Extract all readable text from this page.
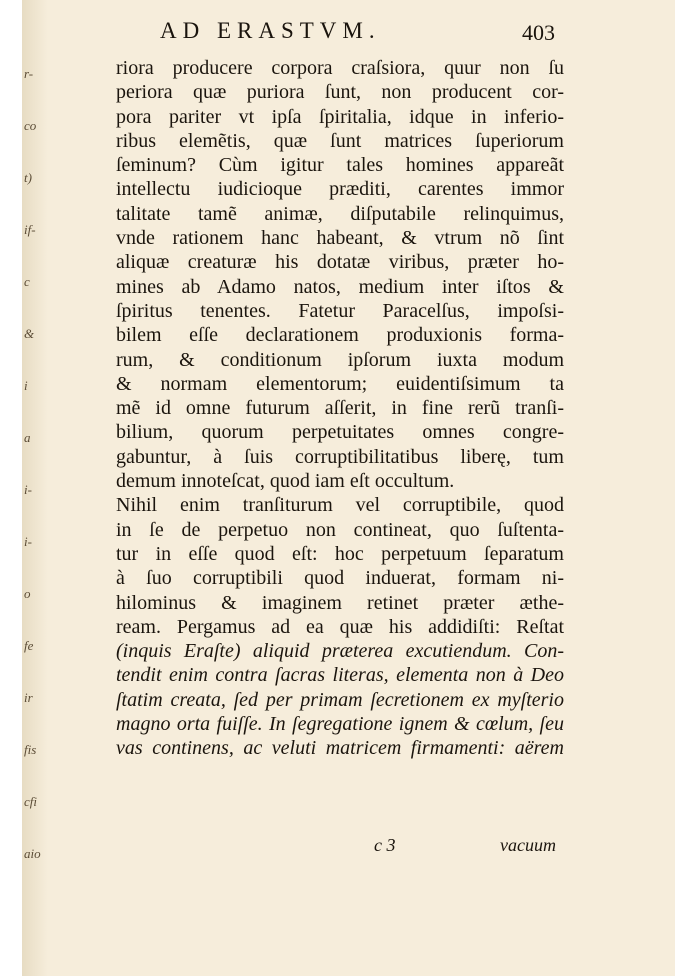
r-
co
t)
if-
c
&
i
a
i-
i-
o
fe
ir
fis
cfi
aio
AD ERASTVM.	403
riora producere corpora craſsiora, quur non ſu
periora quæ puriora ſunt, non producent cor-
pora pariter vt ipſa ſpiritalia, idque in inferio-
ribus elemẽtis, quæ ſunt matrices ſuperiorum
ſeminum? Cùm igitur tales homines appareãt
intellectu iudicioque præditi, carentes immor
talitate tamẽ animæ, diſputabile relinquimus,
vnde rationem hanc habeant, & vtrum nõ ſint
aliquæ creaturæ his dotatæ viribus, præter ho-
mines ab Adamo natos, medium inter iſtos &
ſpiritus tenentes. Fatetur Paracelſus, impoſsi-
bilem eſſe declarationem produxionis forma-
rum, & conditionum ipſorum iuxta modum
& normam elementorum; euidentiſsimum ta
mẽ id omne futurum aſſerit, in fine rerũ tranſi-
bilium, quorum perpetuitates omnes congre-
gabuntur, à ſuis corruptibilitatibus liberę, tum
demum innoteſcat, quod iam eſt occultum.
Nihil enim tranſiturum vel corruptibile, quod
in ſe de perpetuo non contineat, quo ſuſtenta-
tur in eſſe quod eſt: hoc perpetuum ſeparatum
à ſuo corruptibili quod induerat, formam ni-
hilominus & imaginem retinet præter æthe-
ream. Pergamus ad ea quæ his addidiſti: Reſtat
(inquis Eraſte) aliquid præterea excutiendum. Con-
tendit enim contra ſacras literas, elementa non à Deo
ſtatim creata, ſed per primam ſecretionem ex myſterio
magno orta fuiſſe. In ſegregatione ignem & cœlum, ſeu
vas continens, ac veluti matricem firmamenti: aërem
c 3	vacuum
